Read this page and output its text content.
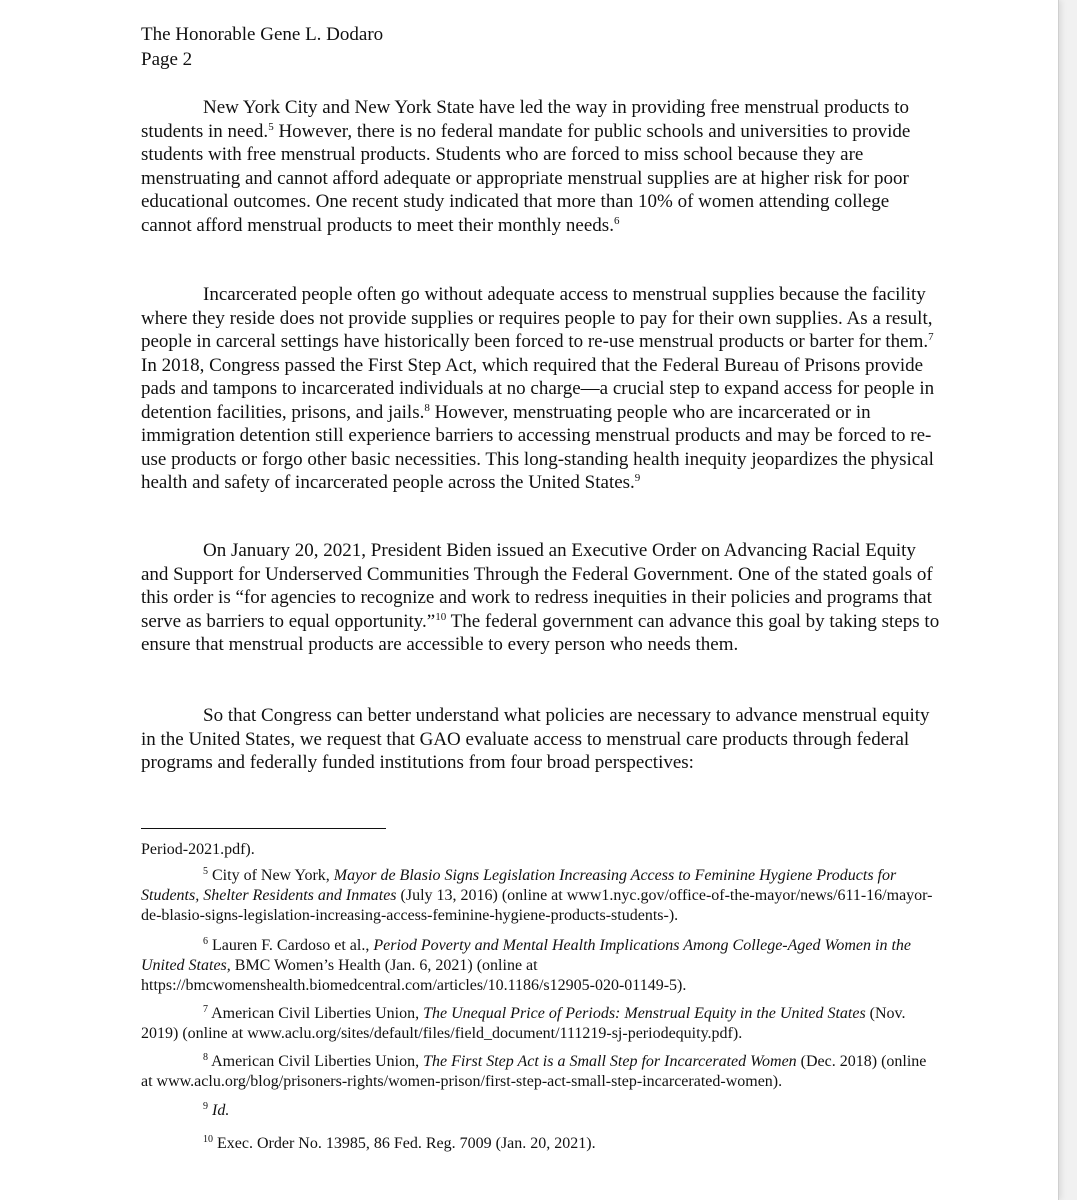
The Honorable Gene L. Dodaro
Page 2

New York City and New York State have led the way in providing free menstrual products to students in need.$^5$ However, there is no federal mandate for public schools and universities to provide students with free menstrual products. Students who are forced to miss school because they are menstruating and cannot afford adequate or appropriate menstrual supplies are at higher risk for poor educational outcomes. One recent study indicated that more than 10% of women attending college cannot afford menstrual products to meet their monthly needs.$^6$

Incarcerated people often go without adequate access to menstrual supplies because the facility where they reside does not provide supplies or requires people to pay for their own supplies. As a result, people in carceral settings have historically been forced to re-use menstrual products or barter for them.$^7$ In 2018, Congress passed the First Step Act, which required that the Federal Bureau of Prisons provide pads and tampons to incarcerated individuals at no charge—a crucial step to expand access for people in detention facilities, prisons, and jails.$^8$ However, menstruating people who are incarcerated or in immigration detention still experience barriers to accessing menstrual products and may be forced to re-use products or forgo other basic necessities. This long-standing health inequity jeopardizes the physical health and safety of incarcerated people across the United States.$^9$

On January 20, 2021, President Biden issued an Executive Order on Advancing Racial Equity and Support for Underserved Communities Through the Federal Government. One of the stated goals of this order is “for agencies to recognize and work to redress inequities in their policies and programs that serve as barriers to equal opportunity.”$^{10}$ The federal government can advance this goal by taking steps to ensure that menstrual products are accessible to every person who needs them.

So that Congress can better understand what policies are necessary to advance menstrual equity in the United States, we request that GAO evaluate access to menstrual care products through federal programs and federally funded institutions from four broad perspectives:

Period-2021.pdf).

$^5$ City of New York, Mayor de Blasio Signs Legislation Increasing Access to Feminine Hygiene Products for Students, Shelter Residents and Inmates (July 13, 2016) (online at www1.nyc.gov/office-of-the-mayor/news/611-16/mayor-de-blasio-signs-legislation-increasing-access-feminine-hygiene-products-students-).

$^6$ Lauren F. Cardoso et al., Period Poverty and Mental Health Implications Among College-Aged Women in the United States, BMC Women’s Health (Jan. 6, 2021) (online at https://bmcwomenshealth.biomedcentral.com/articles/10.1186/s12905-020-01149-5).

$^7$ American Civil Liberties Union, The Unequal Price of Periods: Menstrual Equity in the United States (Nov. 2019) (online at www.aclu.org/sites/default/files/field_document/111219-sj-periodequity.pdf).

$^8$ American Civil Liberties Union, The First Step Act is a Small Step for Incarcerated Women (Dec. 2018) (online at www.aclu.org/blog/prisoners-rights/women-prison/first-step-act-small-step-incarcerated-women).

$^9$ Id.

$^{10}$ Exec. Order No. 13985, 86 Fed. Reg. 7009 (Jan. 20, 2021).
